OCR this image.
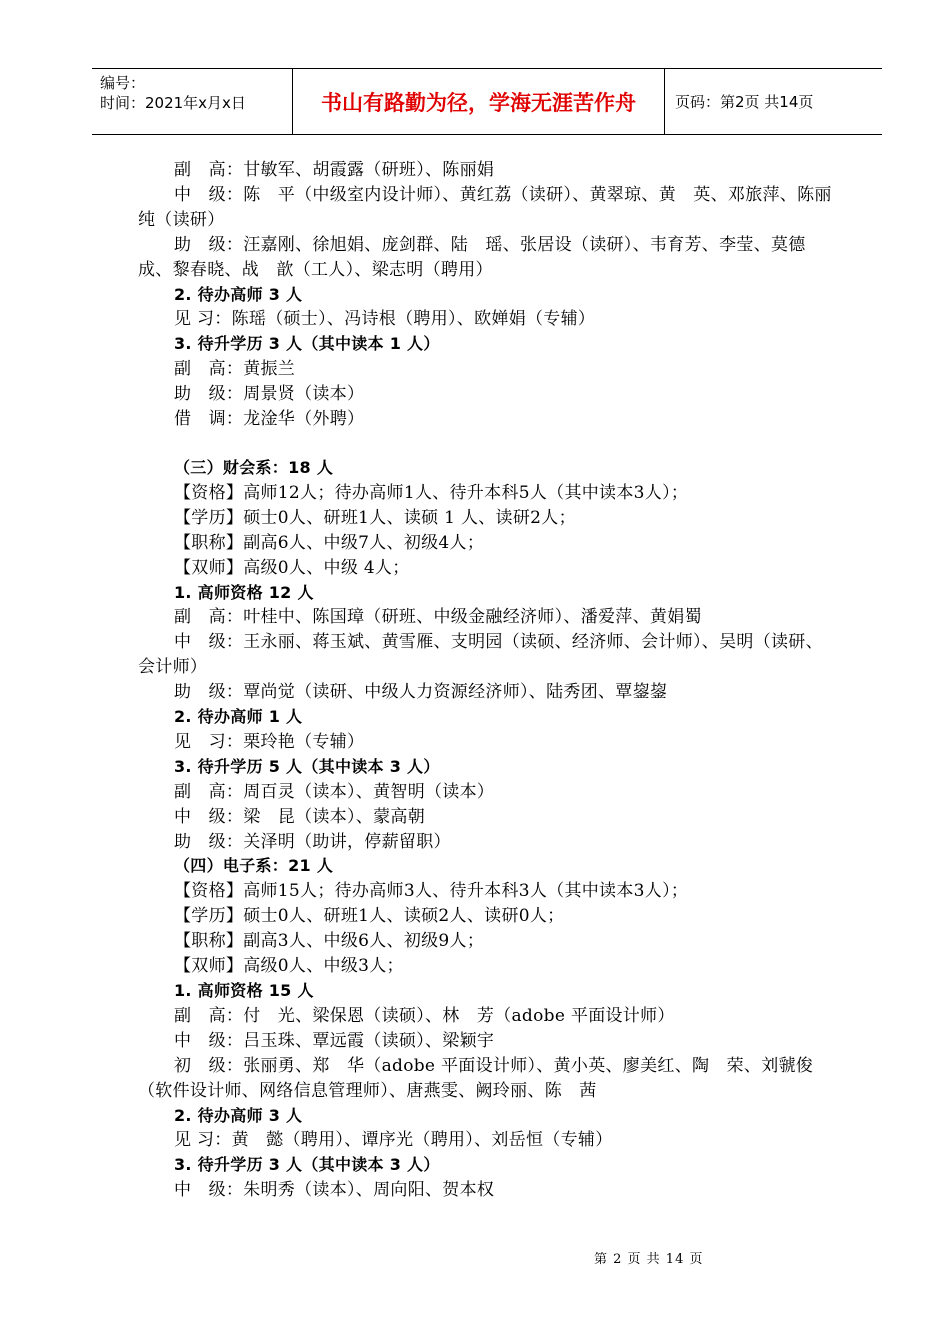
编号：
时间：2021年x月x日	书山有路勤为径，学海无涯苦作舟	页码：第2页 共14页

副　高：甘敏军、胡霞露（研班）、陈丽娟

中　级：陈　平（中级室内设计师）、黄红荔（读研）、黄翠琼、黄　英、邓旅萍、陈丽纯（读研）

助　级：汪嘉刚、徐旭娟、庞剑群、陆　瑶、张居设（读研）、韦育芳、李莹、莫德成、黎春晓、战　歆（工人）、梁志明（聘用）

2. 待办高师 3 人

见 习：陈瑶（硕士）、冯诗根（聘用）、欧婵娟（专辅）

3. 待升学历 3 人（其中读本 1 人）

副　高：黄振兰

助　级：周景贤（读本）

借　调：龙淦华（外聘）

（三）财会系：18 人

【资格】高师12人；待办高师1人、待升本科5人（其中读本3人）；

【学历】硕士0人、研班1人、读硕 1 人、读研2人；

【职称】副高6人、中级7人、初级4人；

【双师】高级0人、中级 4人；

1. 高师资格 12 人

副　高：叶桂中、陈国璋（研班、中级金融经济师）、潘爱萍、黄娟蜀

中　级：王永丽、蒋玉斌、黄雪雁、支明园（读硕、经济师、会计师）、吴明（读研、会计师）

助　级：覃尚觉（读研、中级人力资源经济师）、陆秀团、覃鋆鋆

2. 待办高师 1 人

见　习：栗玲艳（专辅）

3. 待升学历 5 人（其中读本 3 人）

副　高：周百灵（读本）、黄智明（读本）

中　级：梁　昆（读本）、蒙高朝

助　级：关泽明（助讲，停薪留职）

（四）电子系：21 人

【资格】高师15人；待办高师3人、待升本科3人（其中读本3人）；

【学历】硕士0人、研班1人、读硕2人、读研0人；

【职称】副高3人、中级6人、初级9人；

【双师】高级0人、中级3人；

1. 高师资格 15 人

副　高：付　光、梁保恩（读硕）、林　芳（adobe 平面设计师）

中　级：吕玉珠、覃远霞（读硕）、梁颖宇

初　级：张丽勇、郑　华（adobe 平面设计师）、黄小英、廖美红、陶　荣、刘虢俊（软件设计师、网络信息管理师）、唐燕雯、阙玲丽、陈　茜

2. 待办高师 3 人

见 习：黄　懿（聘用）、谭序光（聘用）、刘岳恒（专辅）

3. 待升学历 3 人（其中读本 3 人）

中　级：朱明秀（读本）、周向阳、贺本权

第 2 页 共 14 页
